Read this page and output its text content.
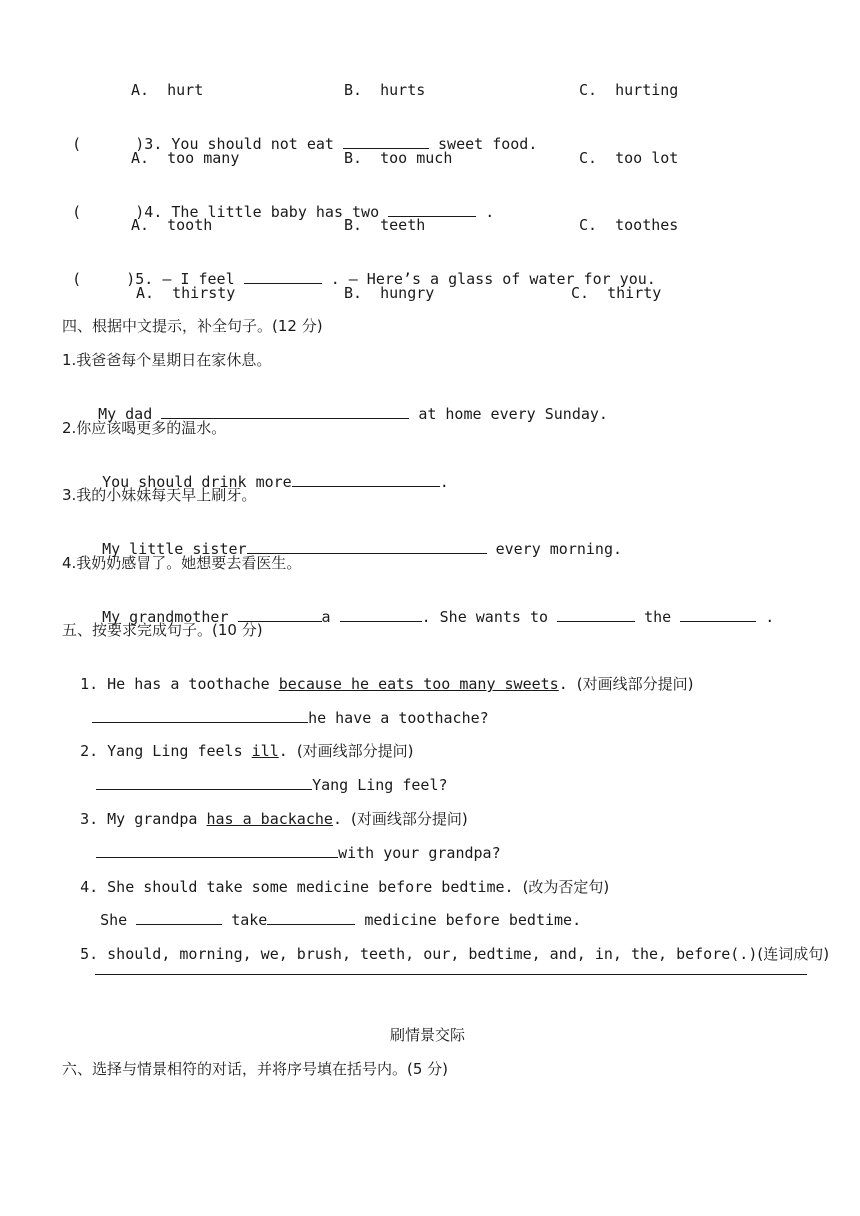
A.  hurt	B.  hurts	C.  hurting

(      )3. You should not eat	sweet food.

A.  too many	B.  too much	C.  too lot

(      )4. The little baby has two	.

A.  tooth	B.  teeth	C.  toothes

(     )5. — I feel	. — Here’s a glass of water for you.

A.  thirsty	B.  hungry	C.  thirty
四、根据中文提示，补全句子。(12 分)
1.我爸爸每个星期日在家休息。

My dad	at home every Sunday.

2.你应该喝更多的温水。

You should drink more	.

3.我的小妹妹每天早上刷牙。

My little sister	every morning.

4.我奶奶感冒了。她想要去看医生。

My grandmother	a	. She wants to	the	.

五、按要求完成句子。(10 分)

1. He has a toothache because he eats too many sweets. (对画线部分提问)

he have a toothache?

2. Yang Ling feels ill. (对画线部分提问)

Yang Ling feel?

3. My grandpa has a backache. (对画线部分提问)

with your grandpa?

4. She should take some medicine before bedtime. (改为否定句)

She	take	medicine before bedtime.

5. should, morning, we, brush, teeth, our, bedtime, and, in, the, before(.)(连词成句)

刷情景交际
六、选择与情景相符的对话，并将序号填在括号内。(5 分)
